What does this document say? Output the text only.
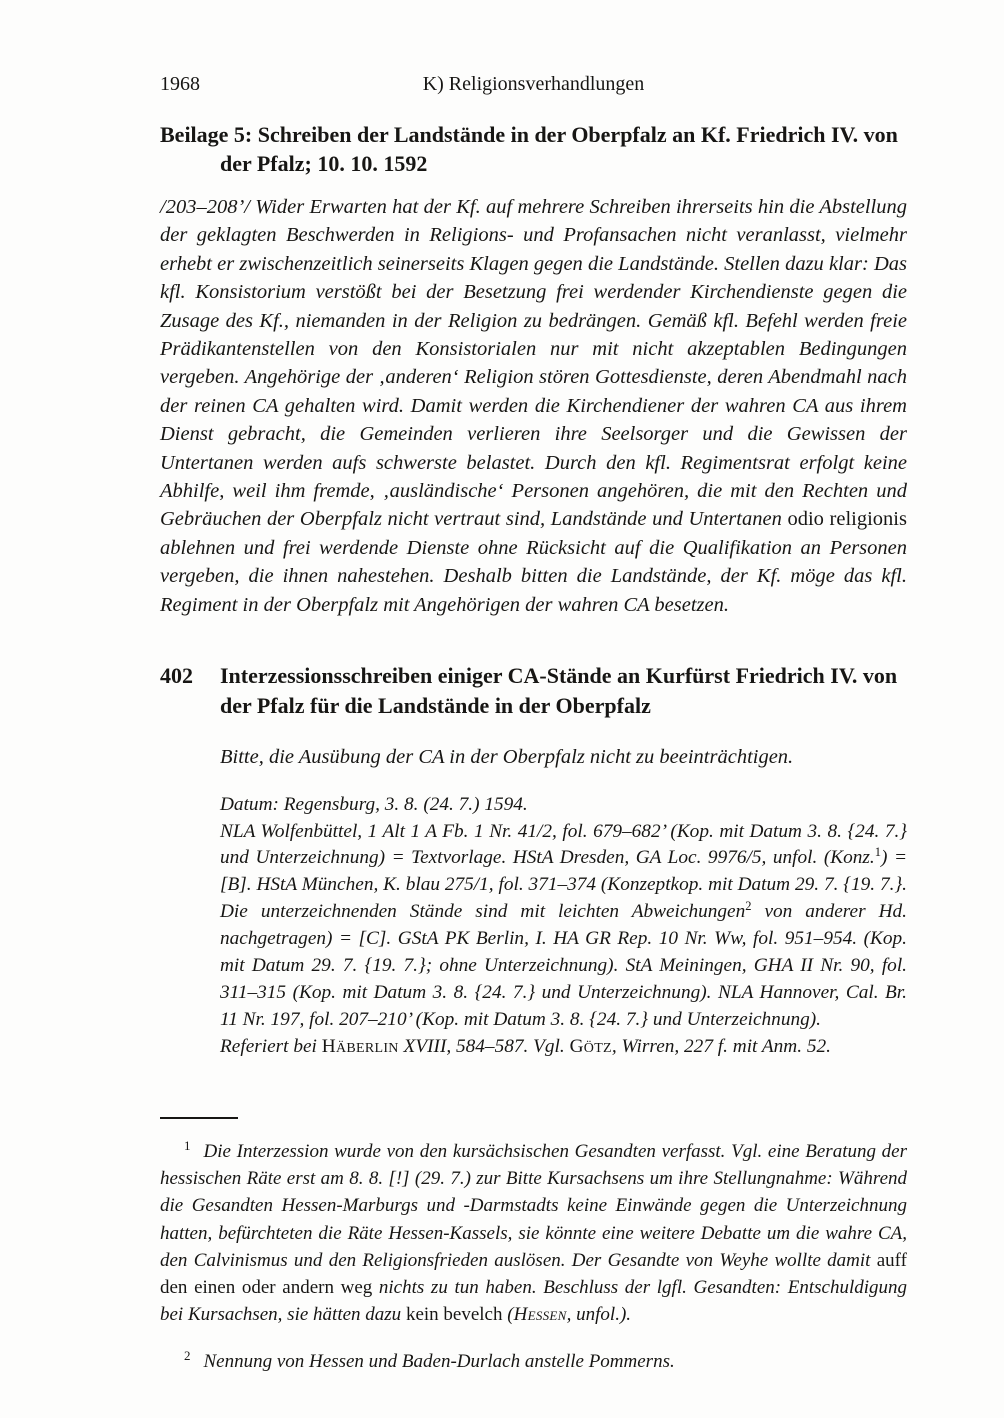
1968	K) Religionsverhandlungen
Beilage 5: Schreiben der Landstände in der Oberpfalz an Kf. Friedrich IV. von der Pfalz; 10. 10. 1592

/203–208’/ Wider Erwarten hat der Kf. auf mehrere Schreiben ihrerseits hin die Abstellung der geklagten Beschwerden in Religions- und Profansachen nicht veranlasst, vielmehr erhebt er zwischenzeitlich seinerseits Klagen gegen die Landstände. Stellen dazu klar: Das kfl. Konsistorium verstößt bei der Besetzung frei werdender Kirchendienste gegen die Zusage des Kf., niemanden in der Religion zu bedrängen. Gemäß kfl. Befehl werden freie Prädikantenstellen von den Konsistorialen nur mit nicht akzeptablen Bedingungen vergeben. Angehörige der ‚anderen‘ Religion stören Gottesdienste, deren Abendmahl nach der reinen CA gehalten wird. Damit werden die Kirchendiener der wahren CA aus ihrem Dienst gebracht, die Gemeinden verlieren ihre Seelsorger und die Gewissen der Untertanen werden aufs schwerste belastet. Durch den kfl. Regimentsrat erfolgt keine Abhilfe, weil ihm fremde, ‚ausländische‘ Personen angehören, die mit den Rechten und Gebräuchen der Oberpfalz nicht vertraut sind, Landstände und Untertanen odio religionis ablehnen und frei werdende Dienste ohne Rücksicht auf die Qualifikation an Personen vergeben, die ihnen nahestehen. Deshalb bitten die Landstände, der Kf. möge das kfl. Regiment in der Oberpfalz mit Angehörigen der wahren CA besetzen.

402 Interzessionsschreiben einiger CA-Stände an Kurfürst Friedrich IV. von der Pfalz für die Landstände in der Oberpfalz

Bitte, die Ausübung der CA in der Oberpfalz nicht zu beeinträchtigen.

Datum: Regensburg, 3. 8. (24. 7.) 1594.
NLA Wolfenbüttel, 1 Alt 1 A Fb. 1 Nr. 41/2, fol. 679–682’ (Kop. mit Datum 3. 8. {24. 7.} und Unterzeichnung) = Textvorlage. HStA Dresden, GA Loc. 9976/5, unfol. (Konz.$^1$) = [B]. HStA München, K. blau 275/1, fol. 371–374 (Konzeptkop. mit Datum 29. 7. {19. 7.}. Die unterzeichnenden Stände sind mit leichten Abweichungen$^2$ von anderer Hd. nachgetragen) = [C]. GStA PK Berlin, I. HA GR Rep. 10 Nr. Ww, fol. 951–954. (Kop. mit Datum 29. 7. {19. 7.}; ohne Unterzeichnung). StA Meiningen, GHA II Nr. 90, fol. 311–315 (Kop. mit Datum 3. 8. {24. 7.} und Unterzeichnung). NLA Hannover, Cal. Br. 11 Nr. 197, fol. 207–210’ (Kop. mit Datum 3. 8. {24. 7.} und Unterzeichnung).
Referiert bei Häberlin XVIII, 584–587. Vgl. Götz, Wirren, 227 f. mit Anm. 52.

$^1$ Die Interzession wurde von den kursächsischen Gesandten verfasst. Vgl. eine Beratung der hessischen Räte erst am 8. 8. [!] (29. 7.) zur Bitte Kursachsens um ihre Stellungnahme: Während die Gesandten Hessen-Marburgs und -Darmstadts keine Einwände gegen die Unterzeichnung hatten, befürchteten die Räte Hessen-Kassels, sie könnte eine weitere Debatte um die wahre CA, den Calvinismus und den Religionsfrieden auslösen. Der Gesandte von Weyhe wollte damit auff den einen oder andern weg nichts zu tun haben. Beschluss der lgfl. Gesandten: Entschuldigung bei Kursachsen, sie hätten dazu kein bevelch (Hessen, unfol.).

$^2$ Nennung von Hessen und Baden-Durlach anstelle Pommerns.
